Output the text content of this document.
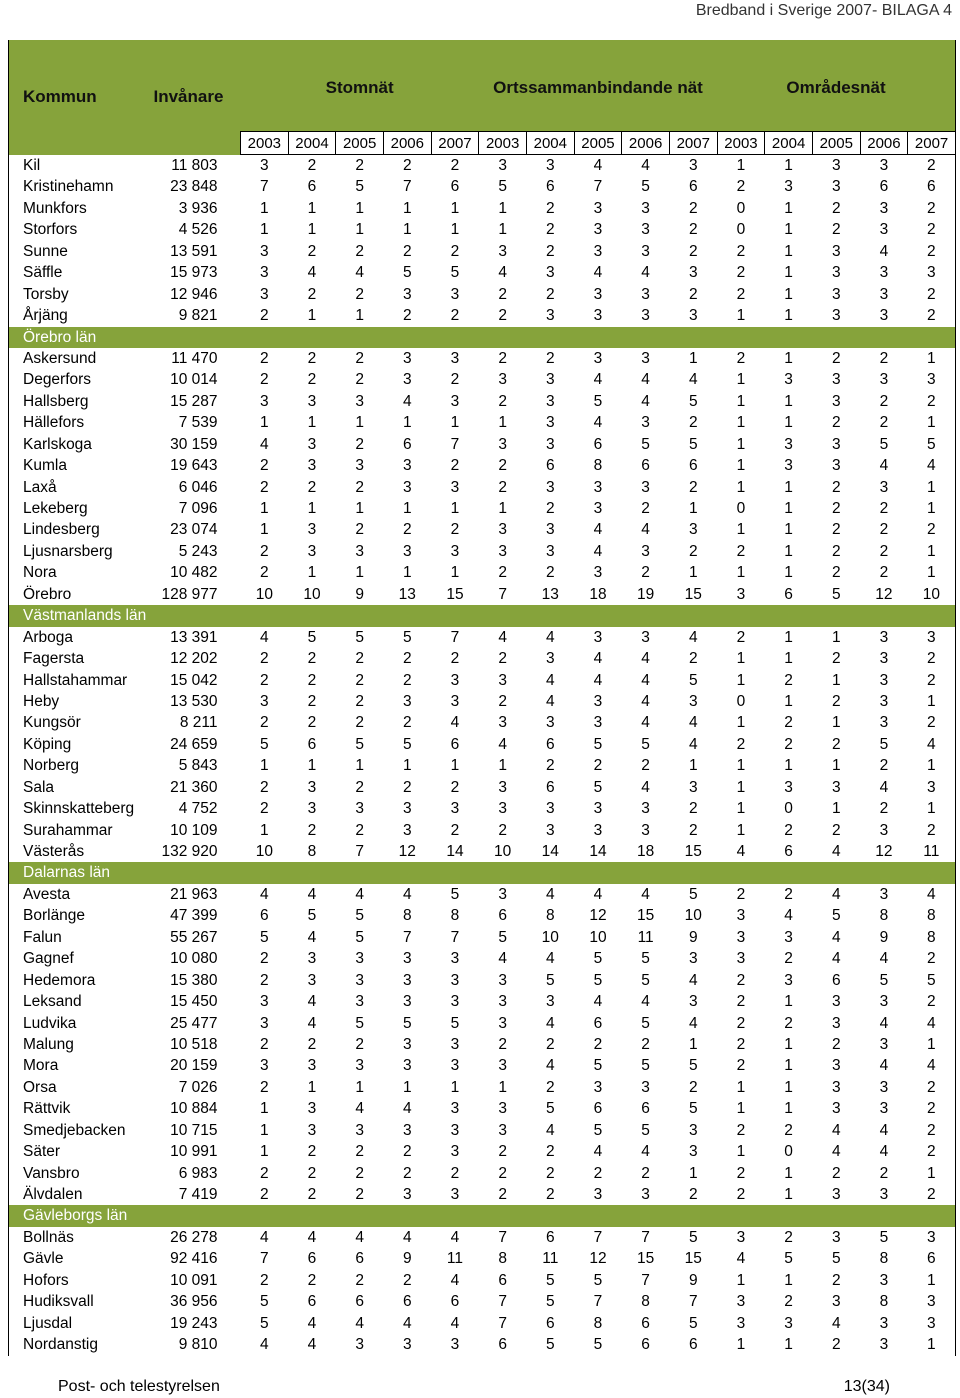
Bredband i Sverige 2007- BILAGA 4
Kommun	Invånare	Stomnät					Ortssammanbindande nät					Områdesnät				
		2003	2004	2005	2006	2007	2003	2004	2005	2006	2007	2003	2004	2005	2006	2007
Kil	11 803	3	2	2	2	2	3	3	4	4	3	1	1	3	3	2
Kristinehamn	23 848	7	6	5	7	6	5	6	7	5	6	2	3	3	6	6
Munkfors	3 936	1	1	1	1	1	1	2	3	3	2	0	1	2	3	2
Storfors	4 526	1	1	1	1	1	1	2	3	3	2	0	1	2	3	2
Sunne	13 591	3	2	2	2	2	3	2	3	3	2	2	1	3	4	2
Säffle	15 973	3	4	4	5	5	4	3	4	4	3	2	1	3	3	3
Torsby	12 946	3	2	2	3	3	2	2	3	3	2	2	1	3	3	2
Årjäng	9 821	2	1	1	2	2	2	3	3	3	3	1	1	3	3	2
Örebro län																
Askersund	11 470	2	2	2	3	3	2	2	3	3	1	2	1	2	2	1
Degerfors	10 014	2	2	2	3	2	3	3	4	4	4	1	3	3	3	3
Hallsberg	15 287	3	3	3	4	3	2	3	5	4	5	1	1	3	2	2
Hällefors	7 539	1	1	1	1	1	1	3	4	3	2	1	1	2	2	1
Karlskoga	30 159	4	3	2	6	7	3	3	6	5	5	1	3	3	5	5
Kumla	19 643	2	3	3	3	2	2	6	8	6	6	1	3	3	4	4
Laxå	6 046	2	2	2	3	3	2	3	3	3	2	1	1	2	3	1
Lekeberg	7 096	1	1	1	1	1	1	2	3	2	1	0	1	2	2	1
Lindesberg	23 074	1	3	2	2	2	3	3	4	4	3	1	1	2	2	2
Ljusnarsberg	5 243	2	3	3	3	3	3	3	4	3	2	2	1	2	2	1
Nora	10 482	2	1	1	1	1	2	2	3	2	1	1	1	2	2	1
Örebro	128 977	10	10	9	13	15	7	13	18	19	15	3	6	5	12	10
Västmanlands län																
Arboga	13 391	4	5	5	5	7	4	4	3	3	4	2	1	1	3	3
Fagersta	12 202	2	2	2	2	2	2	3	4	4	2	1	1	2	3	2
Hallstahammar	15 042	2	2	2	2	3	3	4	4	4	5	1	2	1	3	2
Heby	13 530	3	2	2	3	3	2	4	3	4	3	0	1	2	3	1
Kungsör	8 211	2	2	2	2	4	3	3	3	4	4	1	2	1	3	2
Köping	24 659	5	6	5	5	6	4	6	5	5	4	2	2	2	5	4
Norberg	5 843	1	1	1	1	1	1	2	2	2	1	1	1	1	2	1
Sala	21 360	2	3	2	2	2	3	6	5	4	3	1	3	3	4	3
Skinnskatteberg	4 752	2	3	3	3	3	3	3	3	3	2	1	0	1	2	1
Surahammar	10 109	1	2	2	3	2	2	3	3	3	2	1	2	2	3	2
Västerås	132 920	10	8	7	12	14	10	14	14	18	15	4	6	4	12	11
Dalarnas län																
Avesta	21 963	4	4	4	4	5	3	4	4	4	5	2	2	4	3	4
Borlänge	47 399	6	5	5	8	8	6	8	12	15	10	3	4	5	8	8
Falun	55 267	5	4	5	7	7	5	10	10	11	9	3	3	4	9	8
Gagnef	10 080	2	3	3	3	3	4	4	5	5	3	3	2	4	4	2
Hedemora	15 380	2	3	3	3	3	3	5	5	5	4	2	3	6	5	5
Leksand	15 450	3	4	3	3	3	3	3	4	4	3	2	1	3	3	2
Ludvika	25 477	3	4	5	5	5	3	4	6	5	4	2	2	3	4	4
Malung	10 518	2	2	2	3	3	2	2	2	2	1	2	1	2	3	1
Mora	20 159	3	3	3	3	3	3	4	5	5	5	2	1	3	4	4
Orsa	7 026	2	1	1	1	1	1	2	3	3	2	1	1	3	3	2
Rättvik	10 884	1	3	4	4	3	3	5	6	6	5	1	1	3	3	2
Smedjebacken	10 715	1	3	3	3	3	3	4	5	5	3	2	2	4	4	2
Säter	10 991	1	2	2	2	3	2	2	4	4	3	1	0	4	4	2
Vansbro	6 983	2	2	2	2	2	2	2	2	2	1	2	1	2	2	1
Älvdalen	7 419	2	2	2	3	3	2	2	3	3	2	2	1	3	3	2
Gävleborgs län																
Bollnäs	26 278	4	4	4	4	4	7	6	7	7	5	3	2	3	5	3
Gävle	92 416	7	6	6	9	11	8	11	12	15	15	4	5	5	8	6
Hofors	10 091	2	2	2	2	4	6	5	5	7	9	1	1	2	3	1
Hudiksvall	36 956	5	6	6	6	6	7	5	7	8	7	3	2	3	8	3
Ljusdal	19 243	5	4	4	4	4	7	6	8	6	5	3	3	4	3	3
Nordanstig	9 810	4	4	3	3	3	6	5	5	6	6	1	1	2	3	1
Post- och telestyrelsen	13(34)
